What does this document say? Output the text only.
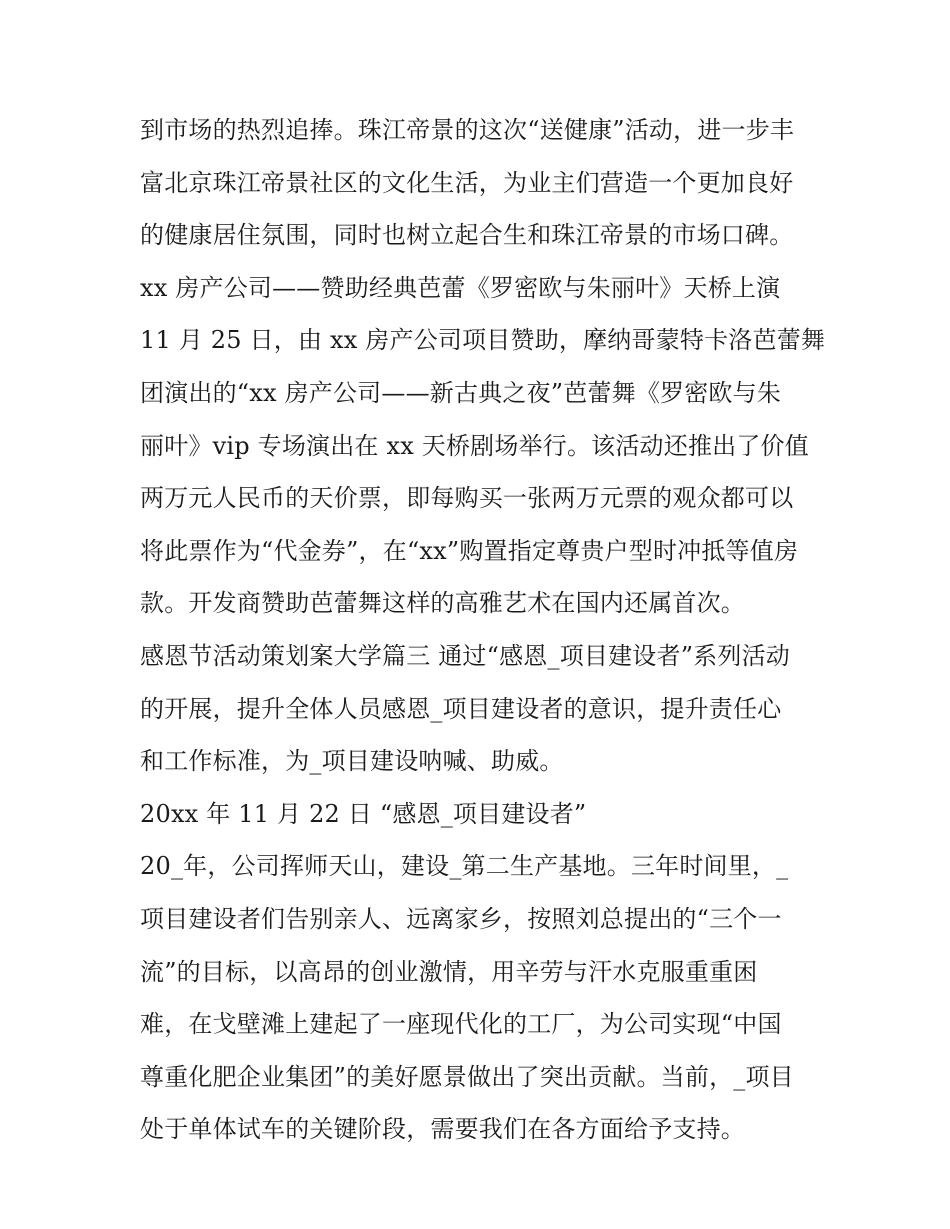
到市场的热烈追捧。珠江帝景的这次“送健康”活动，进一步丰
富北京珠江帝景社区的文化生活，为业主们营造一个更加良好
的健康居住氛围，同时也树立起合生和珠江帝景的市场口碑。
xx 房产公司——赞助经典芭蕾《罗密欧与朱丽叶》天桥上演
11 月 25 日，由 xx 房产公司项目赞助，摩纳哥蒙特卡洛芭蕾舞
团演出的“xx 房产公司——新古典之夜”芭蕾舞《罗密欧与朱
丽叶》vip 专场演出在 xx 天桥剧场举行。该活动还推出了价值
两万元人民币的天价票，即每购买一张两万元票的观众都可以
将此票作为“代金券”，在“xx”购置指定尊贵户型时冲抵等值房
款。开发商赞助芭蕾舞这样的高雅艺术在国内还属首次。
感恩节活动策划案大学篇三 通过“感恩_项目建设者”系列活动
的开展，提升全体人员感恩_项目建设者的意识，提升责任心
和工作标准，为_项目建设呐喊、助威。
20xx 年 11 月 22 日 “感恩_项目建设者”
20_年，公司挥师天山，建设_第二生产基地。三年时间里，_
项目建设者们告别亲人、远离家乡，按照刘总提出的“三个一
流”的目标，以高昂的创业激情，用辛劳与汗水克服重重困
难，在戈壁滩上建起了一座现代化的工厂，为公司实现“中国
尊重化肥企业集团”的美好愿景做出了突出贡献。当前，_项目
处于单体试车的关键阶段，需要我们在各方面给予支持。
